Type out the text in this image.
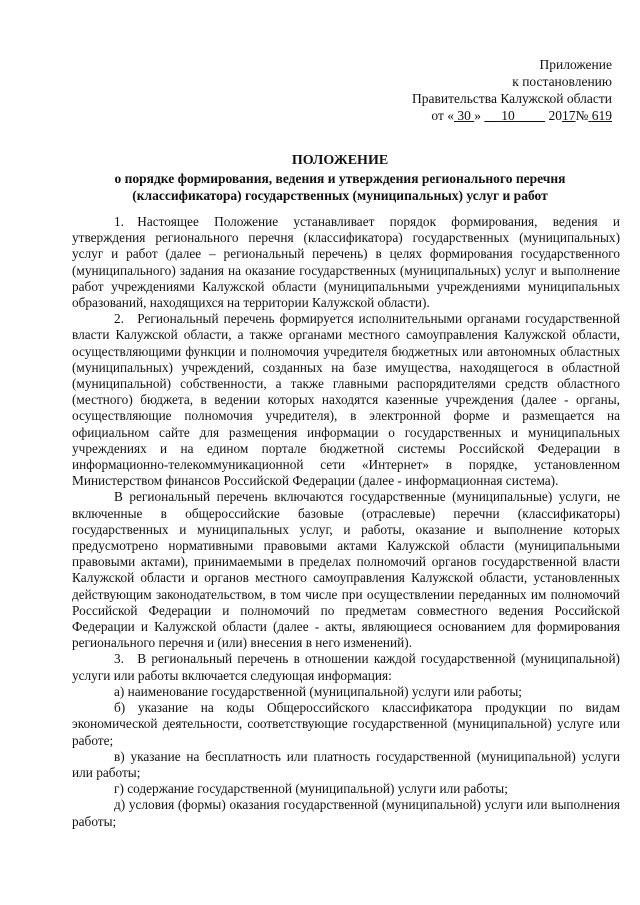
Приложение
к постановлению
Правительства Калужской области
от « 30 » 10	2017№ 619
ПОЛОЖЕНИЕ
о порядке формирования, ведения и утверждения регионального перечня
(классификатора) государственных (муниципальных) услуг и работ

1. Настоящее Положение устанавливает порядок формирования, ведения и утверждения регионального перечня (классификатора) государственных (муниципальных) услуг и работ (далее – региональный перечень) в целях формирования государственного (муниципального) задания на оказание государственных (муниципальных) услуг и выполнение работ учреждениями Калужской области (муниципальными учреждениями муниципальных образований, находящихся на территории Калужской области).

2. Региональный перечень формируется исполнительными органами государственной власти Калужской области, а также органами местного самоуправления Калужской области, осуществляющими функции и полномочия учредителя бюджетных или автономных областных (муниципальных) учреждений, созданных на базе имущества, находящегося в областной (муниципальной) собственности, а также главными распорядителями средств областного (местного) бюджета, в ведении которых находятся казенные учреждения (далее - органы, осуществляющие полномочия учредителя), в электронной форме и размещается на официальном сайте для размещения информации о государственных и муниципальных учреждениях и на едином портале бюджетной системы Российской Федерации в информационно-телекоммуникационной сети «Интернет» в порядке, установленном Министерством финансов Российской Федерации (далее - информационная система).

В региональный перечень включаются государственные (муниципальные) услуги, не включенные в общероссийские базовые (отраслевые) перечни (классификаторы) государственных и муниципальных услуг, и работы, оказание и выполнение которых предусмотрено нормативными правовыми актами Калужской области (муниципальными правовыми актами), принимаемыми в пределах полномочий органов государственной власти Калужской области и органов местного самоуправления Калужской области, установленных действующим законодательством, в том числе при осуществлении переданных им полномочий Российской Федерации и полномочий по предметам совместного ведения Российской Федерации и Калужской области (далее - акты, являющиеся основанием для формирования регионального перечня и (или) внесения в него изменений).

3. В региональный перечень в отношении каждой государственной (муниципальной) услуги или работы включается следующая информация:

а) наименование государственной (муниципальной) услуги или работы;

б) указание на коды Общероссийского классификатора продукции по видам экономической деятельности, соответствующие государственной (муниципальной) услуге или работе;

в) указание на бесплатность или платность государственной (муниципальной) услуги или работы;

г) содержание государственной (муниципальной) услуги или работы;

д) условия (формы) оказания государственной (муниципальной) услуги или выполнения работы;
